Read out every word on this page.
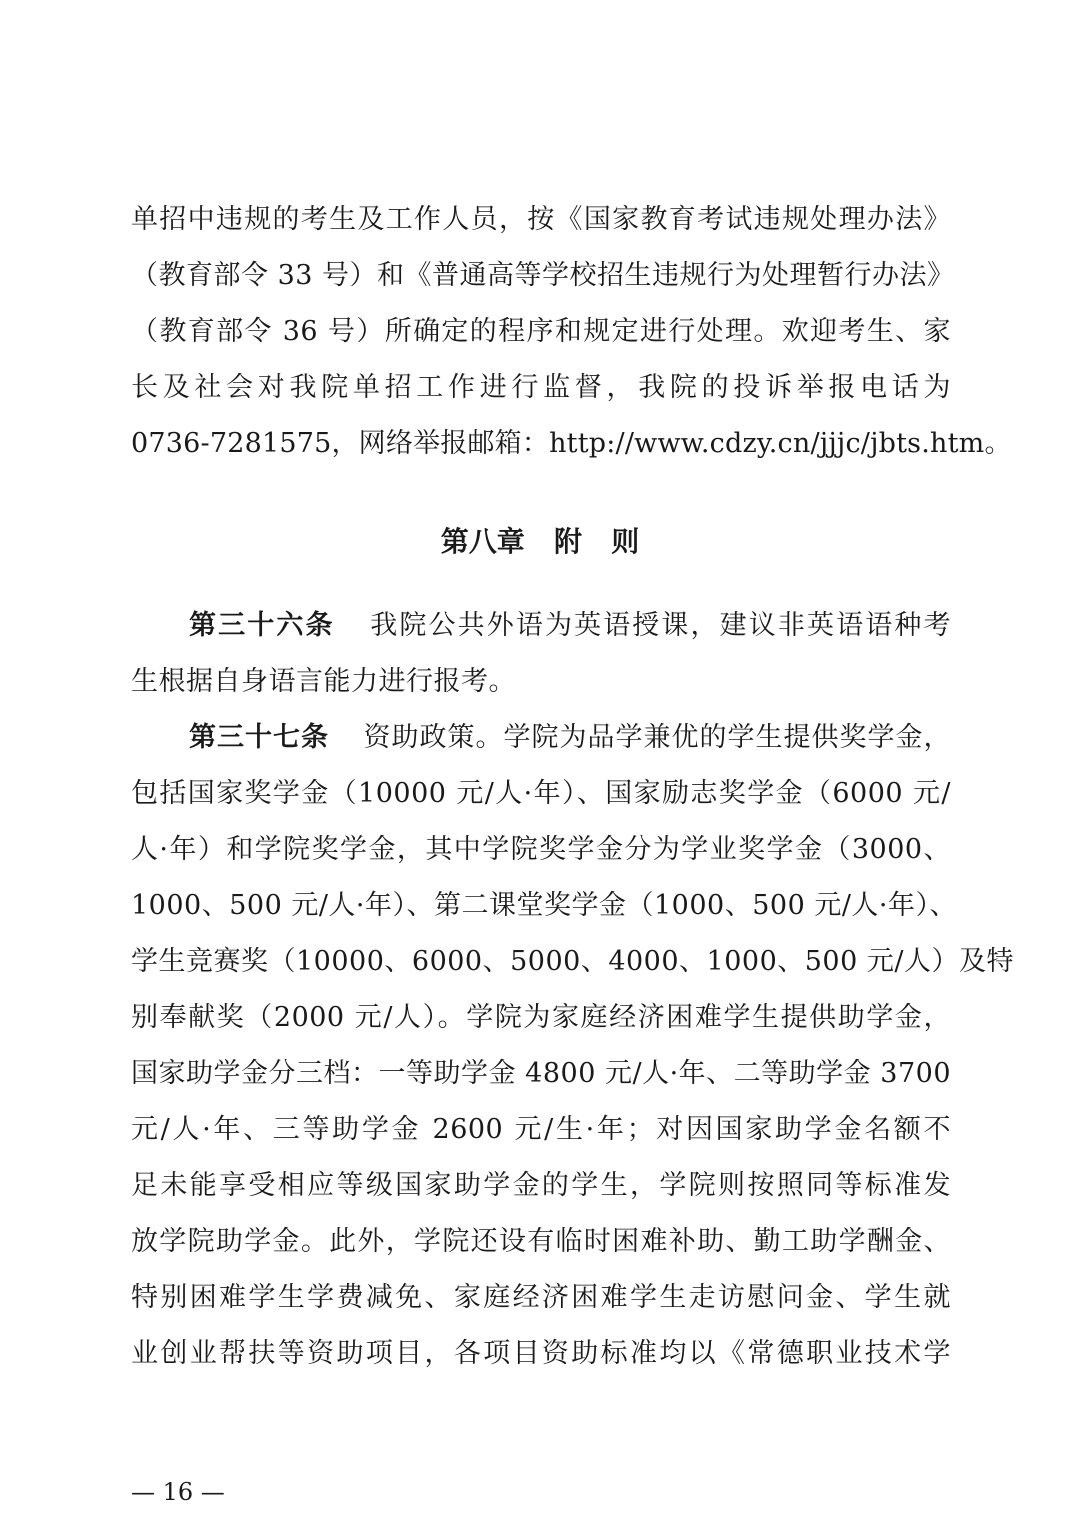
单招中违规的考生及工作人员，按《国家教育考试违规处理办法》
（教育部令 33 号）和《普通高等学校招生违规行为处理暂行办法》
（教育部令 36 号）所确定的程序和规定进行处理。欢迎考生、家
长及社会对我院单招工作进行监督，我院的投诉举报电话为
0736-7281575，网络举报邮箱：http://www.cdzy.cn/jjjc/jbts.htm。
第八章   附   则
第三十六条 我院公共外语为英语授课，建议非英语语种考
生根据自身语言能力进行报考。
第三十七条 资助政策。学院为品学兼优的学生提供奖学金，
包括国家奖学金（10000 元/人·年）、国家励志奖学金（6000 元/
人·年）和学院奖学金，其中学院奖学金分为学业奖学金（3000、
1000、500 元/人·年）、第二课堂奖学金（1000、500 元/人·年）、
学生竞赛奖（10000、6000、5000、4000、1000、500 元/人）及特
别奉献奖（2000 元/人）。学院为家庭经济困难学生提供助学金，
国家助学金分三档：一等助学金 4800 元/人·年、二等助学金 3700
元/人·年、三等助学金 2600 元/生·年；对因国家助学金名额不
足未能享受相应等级国家助学金的学生，学院则按照同等标准发
放学院助学金。此外，学院还设有临时困难补助、勤工助学酬金、
特别困难学生学费减免、家庭经济困难学生走访慰问金、学生就
业创业帮扶等资助项目，各项目资助标准均以《常德职业技术学
— 16 —
